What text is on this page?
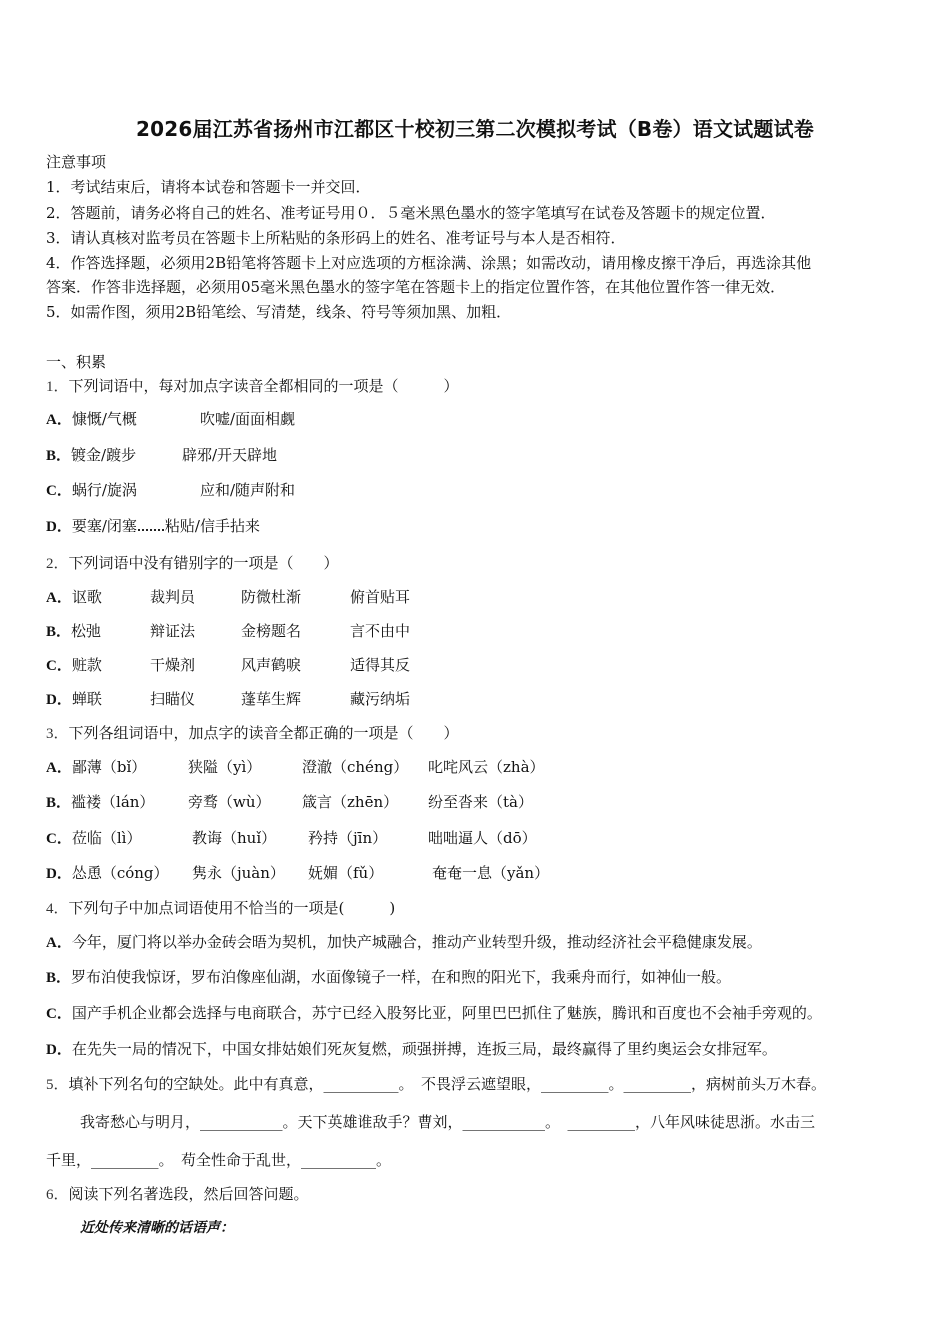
2026届江苏省扬州市江都区十校初三第二次模拟考试（B卷）语文试题试卷
注意事项
1．考试结束后，请将本试卷和答题卡一并交回．
2．答题前，请务必将自己的姓名、准考证号用０．５毫米黑色墨水的签字笔填写在试卷及答题卡的规定位置．
3．请认真核对监考员在答题卡上所粘贴的条形码上的姓名、准考证号与本人是否相符．
4．作答选择题，必须用2B铅笔将答题卡上对应选项的方框涂满、涂黑；如需改动，请用橡皮擦干净后，再选涂其他
答案．作答非选择题，必须用05毫米黑色墨水的签字笔在答题卡上的指定位置作答，在其他位置作答一律无效．
5．如需作图，须用2B铅笔绘、写清楚，线条、符号等须加黑、加粗．
一、积累
1．下列词语中，每对加点字读音全都相同的一项是（　　　）
A．慷慨/气概	吹嘘/面面相觑
B．镀金/踱步	辟邪/开天辟地
C．蜗行/旋涡	应和/随声附和
D．要塞/闭塞 粘贴/信手拈来
2．下列词语中没有错别字的一项是（　　）
A．讴歌	裁判员	防微杜渐	俯首贴耳
B．松弛	辩证法	金榜题名	言不由中
C．赃款	干燥剂	风声鹤唳	适得其反
D．蝉联	扫瞄仪	蓬荜生辉	藏污纳垢
3．下列各组词语中，加点字的读音全都正确的一项是（　　）
A．鄙薄（bǐ）	狭隘（yì）	澄澈（chéng） 叱咤风云（zhà）
B．褴褛（lán） 旁骛（wù） 箴言（zhēn） 纷至沓来（tà）
C．莅临（lì）	教诲（huǐ） 矜持（jīn）	咄咄逼人（dō）
D．怂恿（cóng） 隽永（juàn） 妩媚（fǔ）	奄奄一息（yǎn）
4．下列句子中加点词语使用不恰当的一项是(　　　)
A．今年，厦门将以举办金砖会晤为契机，加快产城融合，推动产业转型升级，推动经济社会平稳健康发展。
B．罗布泊使我惊讶，罗布泊像座仙湖，水面像镜子一样，在和煦的阳光下，我乘舟而行，如神仙一般。
C．国产手机企业都会选择与电商联合，苏宁已经入股努比亚，阿里巴巴抓住了魅族，腾讯和百度也不会袖手旁观的。
D．在先失一局的情况下，中国女排姑娘们死灰复燃，顽强拼搏，连扳三局，最终赢得了里约奥运会女排冠军。
5．填补下列名句的空缺处。此中有真意，__________。　不畏浮云遮望眼，_________。_________，病树前头万木春。
我寄愁心与明月，___________。天下英雄谁敌手？曹刘，___________。　_________，八年风味徒思浙。水击三
千里，_________。　苟全性命于乱世，__________。
6．阅读下列名著选段，然后回答问题。
近处传来清晰的话语声：
